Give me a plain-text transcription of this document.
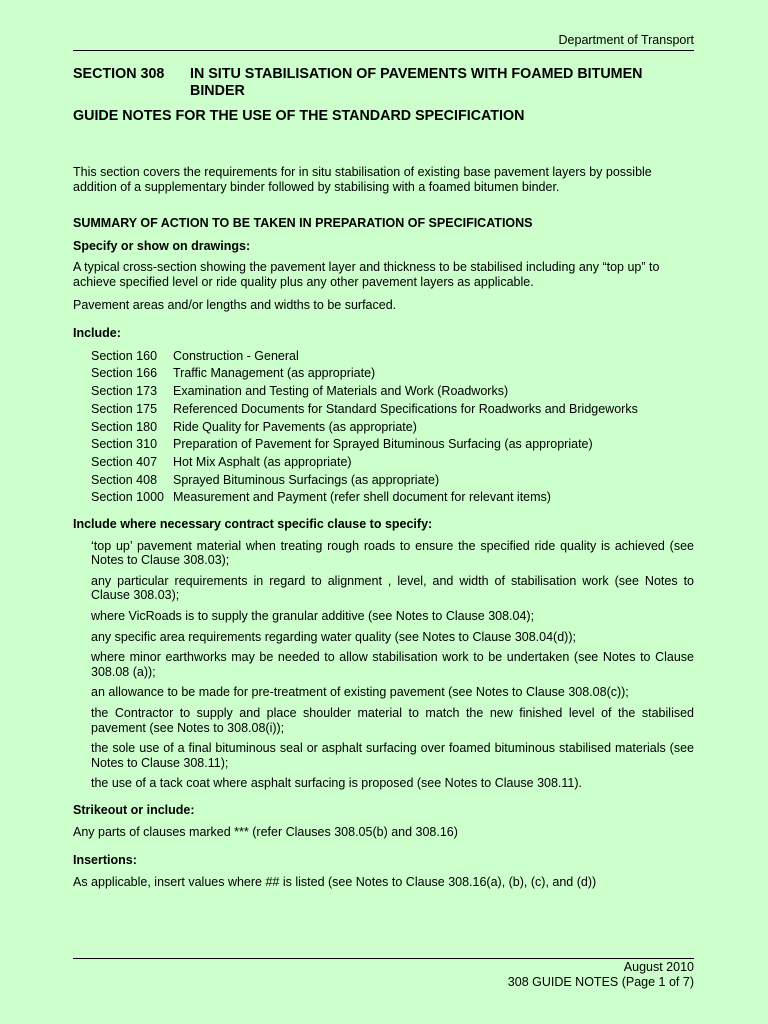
Department of Transport
SECTION 308	IN SITU STABILISATION OF PAVEMENTS WITH FOAMED BITUMEN BINDER
GUIDE NOTES FOR THE USE OF THE STANDARD SPECIFICATION

This section covers the requirements for in situ stabilisation of existing base pavement layers by possible addition of a supplementary binder followed by stabilising with a foamed bitumen binder.

SUMMARY OF ACTION TO BE TAKEN IN PREPARATION OF SPECIFICATIONS

Specify or show on drawings:

A typical cross-section showing the pavement layer and thickness to be stabilised including any “top up” to achieve specified level or ride quality plus any other pavement layers as applicable.

Pavement areas and/or lengths and widths to be surfaced.

Include:

Section 160	Construction - General
Section 166	Traffic Management (as appropriate)
Section 173	Examination and Testing of Materials and Work (Roadworks)
Section 175	Referenced Documents for Standard Specifications for Roadworks and Bridgeworks
Section 180	Ride Quality for Pavements (as appropriate)
Section 310	Preparation of Pavement for Sprayed Bituminous Surfacing (as appropriate)
Section 407	Hot Mix Asphalt (as appropriate)
Section 408	Sprayed Bituminous Surfacings (as appropriate)
Section 1000 Measurement and Payment (refer shell document for relevant items)

Include where necessary contract specific clause to specify:

‘top up’ pavement material when treating rough roads to ensure the specified ride quality is achieved (see Notes to Clause 308.03);

any particular requirements in regard to alignment , level, and width of stabilisation work (see Notes to Clause 308.03);

where VicRoads is to supply the granular additive (see Notes to Clause 308.04);

any specific area requirements regarding water quality (see Notes to Clause 308.04(d));

where minor earthworks may be needed to allow stabilisation work to be undertaken (see Notes to Clause 308.08 (a));

an allowance to be made for pre-treatment of existing pavement (see Notes to Clause 308.08(c));

the Contractor to supply and place shoulder material to match the new finished level of the stabilised pavement (see Notes to 308.08(i));

the sole use of a final bituminous seal or asphalt surfacing over foamed bituminous stabilised materials (see Notes to Clause 308.11);

the use of a tack coat where asphalt surfacing is proposed (see Notes to Clause 308.11).

Strikeout or include:

Any parts of clauses marked *** (refer Clauses 308.05(b) and 308.16)

Insertions:

As applicable, insert values where ## is listed (see Notes to Clause 308.16(a), (b), (c), and (d))

August 2010
308 GUIDE NOTES (Page 1 of 7)
